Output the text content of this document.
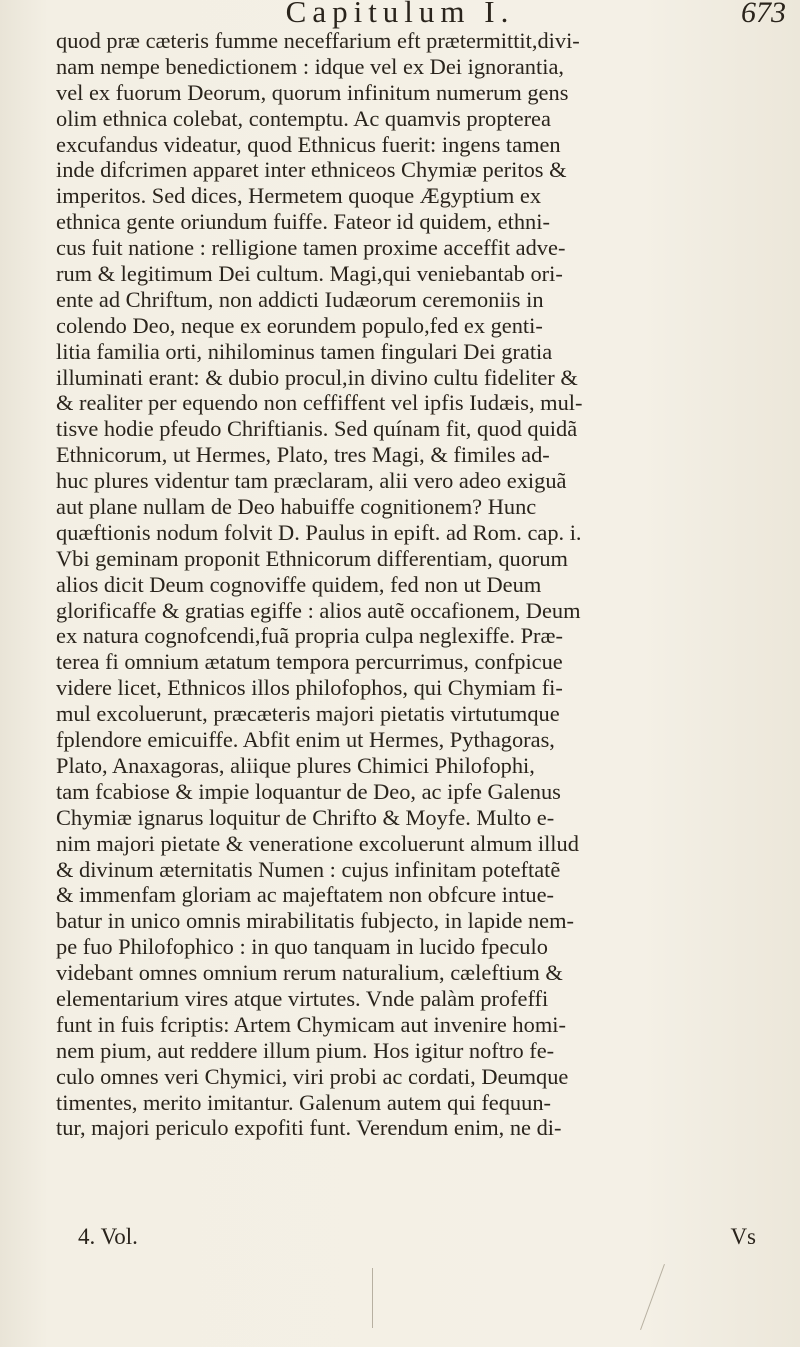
Capitulum I.	673
quod præ cæteris fumme neceffarium eft prætermittit,divi-
nam nempe benedictionem : idque vel ex Dei ignorantia,
vel ex fuorum Deorum, quorum infinitum numerum gens
olim ethnica colebat, contemptu. Ac quamvis propterea
excufandus videatur, quod Ethnicus fuerit: ingens tamen
inde difcrimen apparet inter ethniceos Chymiæ peritos &
imperitos. Sed dices, Hermetem quoque Ægyptium ex
ethnica gente oriundum fuiffe. Fateor id quidem, ethni-
cus fuit natione : relligione tamen proxime acceffit adve-
rum & legitimum Dei cultum. Magi,qui veniebantab ori-
ente ad Chriftum, non addicti Iudæorum ceremoniis in
colendo Deo, neque ex eorundem populo,fed ex genti-
litia familia orti, nihilominus tamen fingulari Dei gratia
illuminati erant: & dubio procul,in divino cultu fideliter &
& realiter per equendo non ceffiffent vel ipfis Iudæis, mul-
tisve hodie pfeudo Chriftianis. Sed quínam fit, quod quidã
Ethnicorum, ut Hermes, Plato, tres Magi, & fimiles ad-
huc plures videntur tam præclaram, alii vero adeo exiguã
aut plane nullam de Deo habuiffe cognitionem? Hunc
quæftionis nodum folvit D. Paulus in epift. ad Rom. cap. i.
Vbi geminam proponit Ethnicorum differentiam, quorum
alios dicit Deum cognoviffe quidem, fed non ut Deum
glorificaffe & gratias egiffe : alios autẽ occafionem, Deum
ex natura cognofcendi,fuã propria culpa neglexiffe. Præ-
terea fi omnium ætatum tempora percurrimus, confpicue
videre licet, Ethnicos illos philofophos, qui Chymiam fi-
mul excoluerunt, præcæteris majori pietatis virtutumque
fplendore emicuiffe. Abfit enim ut Hermes, Pythagoras,
Plato, Anaxagoras, aliique plures Chimici Philofophi,
tam fcabiose & impie loquantur de Deo, ac ipfe Galenus
Chymiæ ignarus loquitur de Chrifto & Moyfe. Multo e-
nim majori pietate & veneratione excoluerunt almum illud
& divinum æternitatis Numen : cujus infinitam poteftatẽ
& immenfam gloriam ac majeftatem non obfcure intue-
batur in unico omnis mirabilitatis fubjecto, in lapide nem-
pe fuo Philofophico : in quo tanquam in lucido fpeculo
videbant omnes omnium rerum naturalium, cæleftium &
elementarium vires atque virtutes. Vnde palàm profeffi
funt in fuis fcriptis: Artem Chymicam aut invenire homi-
nem pium, aut reddere illum pium. Hos igitur noftro fe-
culo omnes veri Chymici, viri probi ac cordati, Deumque
timentes, merito imitantur. Galenum autem qui fequun-
tur, majori periculo expofiti funt. Verendum enim, ne di-
4. Vol.	Vs
